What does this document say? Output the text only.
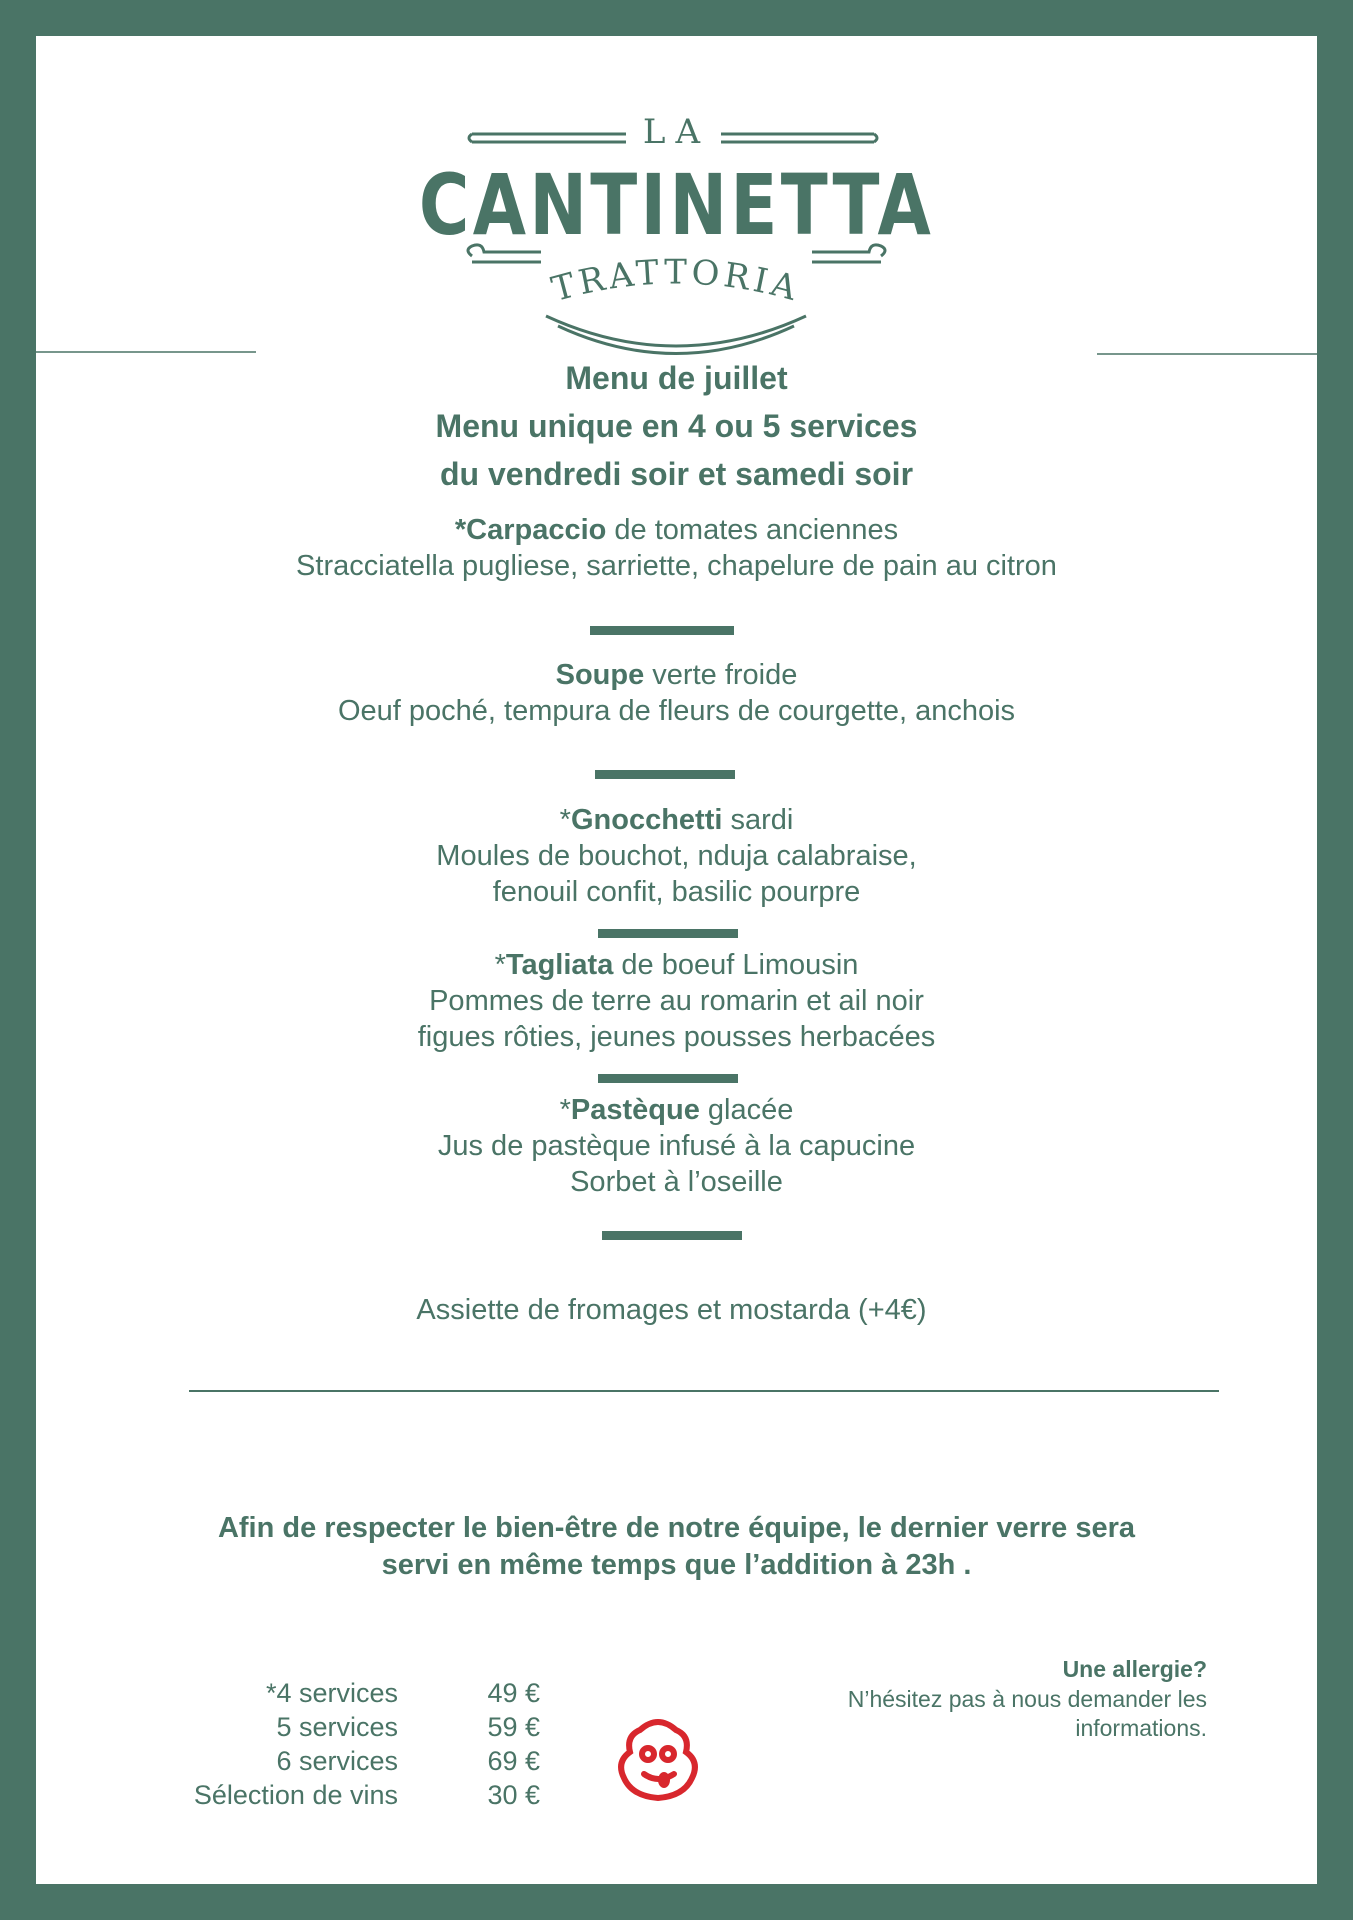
TRATTORIA
LA
CANTINETTA
Menu de juillet
Menu unique en 4 ou 5 services
du vendredi soir et samedi soir
*Carpaccio de tomates anciennes
Stracciatella pugliese, sarriette, chapelure de pain au citron
Soupe verte froide
Oeuf poché, tempura de fleurs de courgette, anchois
*Gnocchetti sardi
Moules de bouchot, nduja calabraise,
fenouil confit, basilic pourpre
*Tagliata de boeuf Limousin
Pommes de terre au romarin et ail noir
figues rôties, jeunes pousses herbacées
*Pastèque glacée
Jus de pastèque infusé à la capucine
Sorbet à l’oseille
Assiette de fromages et mostarda (+4€)
Afin de respecter le bien-être de notre équipe, le dernier verre sera
servi en même temps que l’addition à 23h .
*4 services	49 €
5 services	59 €
6 services	69 €
Sélection de vins	30 €
Une allergie?
N’hésitez pas à nous demander les
informations.
